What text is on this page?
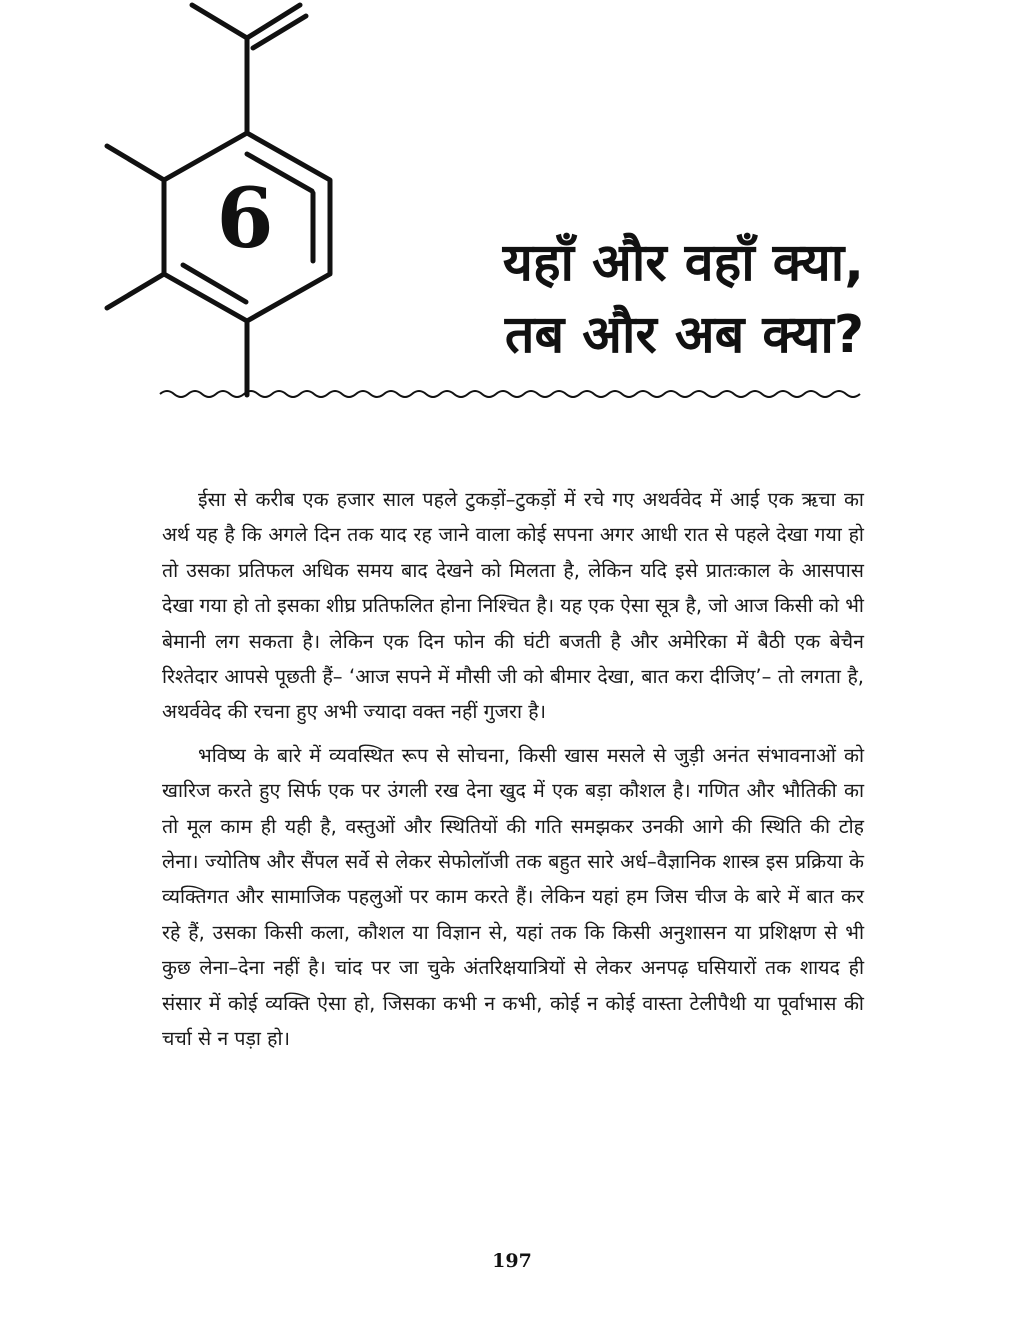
6	यहाँ और वहाँ क्या,
तब और अब क्या?

ईसा से करीब एक हजार साल पहले टुकड़ों–टुकड़ों में रचे गए अथर्ववेद में आई एक ऋचा का अर्थ यह है कि अगले दिन तक याद रह जाने वाला कोई सपना अगर आधी रात से पहले देखा गया हो तो उसका प्रतिफल अधिक समय बाद देखने को मिलता है, लेकिन यदि इसे प्रातःकाल के आसपास देखा गया हो तो इसका शीघ्र प्रतिफलित होना निश्चित है। यह एक ऐसा सूत्र है, जो आज किसी को भी बेमानी लग सकता है। लेकिन एक दिन फोन की घंटी बजती है और अमेरिका में बैठी एक बेचैन रिश्तेदार आपसे पूछती हैं– ‘आज सपने में मौसी जी को बीमार देखा, बात करा दीजिए’– तो लगता है, अथर्ववेद की रचना हुए अभी ज्यादा वक्त नहीं गुजरा है।

भविष्य के बारे में व्यवस्थित रूप से सोचना, किसी खास मसले से जुड़ी अनंत संभावनाओं को खारिज करते हुए सिर्फ एक पर उंगली रख देना खुद में एक बड़ा कौशल है। गणित और भौतिकी का तो मूल काम ही यही है, वस्तुओं और स्थितियों की गति समझकर उनकी आगे की स्थिति की टोह लेना। ज्योतिष और सैंपल सर्वे से लेकर सेफोलॉजी तक बहुत सारे अर्ध–वैज्ञानिक शास्त्र इस प्रक्रिया के व्यक्तिगत और सामाजिक पहलुओं पर काम करते हैं। लेकिन यहां हम जिस चीज के बारे में बात कर रहे हैं, उसका किसी कला, कौशल या विज्ञान से, यहां तक कि किसी अनुशासन या प्रशिक्षण से भी कुछ लेना–देना नहीं है। चांद पर जा चुके अंतरिक्षयात्रियों से लेकर अनपढ़ घसियारों तक शायद ही संसार में कोई व्यक्ति ऐसा हो, जिसका कभी न कभी, कोई न कोई वास्ता टेलीपैथी या पूर्वाभास की चर्चा से न पड़ा हो।

197
